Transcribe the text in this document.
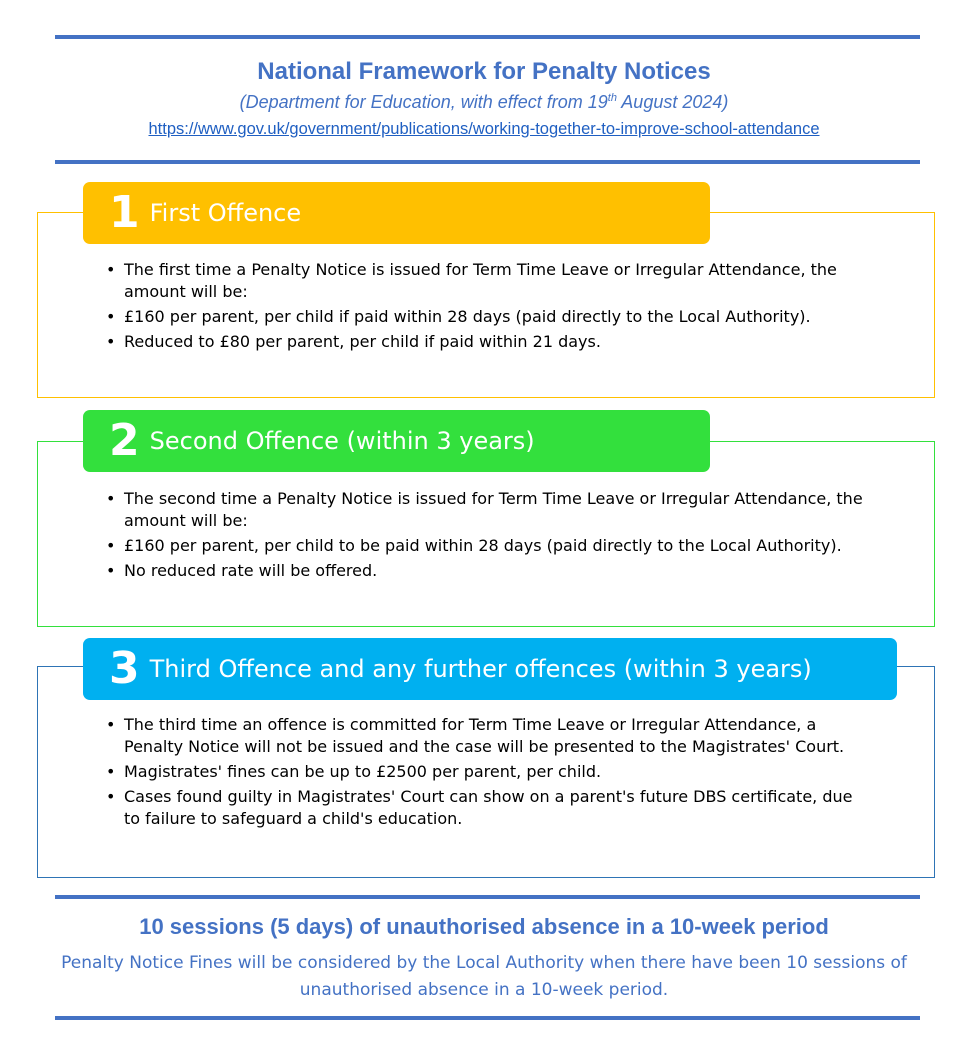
National Framework for Penalty Notices
(Department for Education, with effect from 19th August 2024)
https://www.gov.uk/government/publications/working-together-to-improve-school-attendance
1 First Offence
• The first time a Penalty Notice is issued for Term Time Leave or Irregular Attendance, the amount will be:
• £160 per parent, per child if paid within 28 days (paid directly to the Local Authority).
• Reduced to £80 per parent, per child if paid within 21 days.
2 Second Offence (within 3 years)
• The second time a Penalty Notice is issued for Term Time Leave or Irregular Attendance, the amount will be:
• £160 per parent, per child to be paid within 28 days (paid directly to the Local Authority).
• No reduced rate will be offered.
3 Third Offence and any further offences (within 3 years)
• The third time an offence is committed for Term Time Leave or Irregular Attendance, a Penalty Notice will not be issued and the case will be presented to the Magistrates' Court.
• Magistrates' fines can be up to £2500 per parent, per child.
• Cases found guilty in Magistrates' Court can show on a parent's future DBS certificate, due to failure to safeguard a child's education.
10 sessions (5 days) of unauthorised absence in a 10-week period
Penalty Notice Fines will be considered by the Local Authority when there have been 10 sessions of unauthorised absence in a 10-week period.
